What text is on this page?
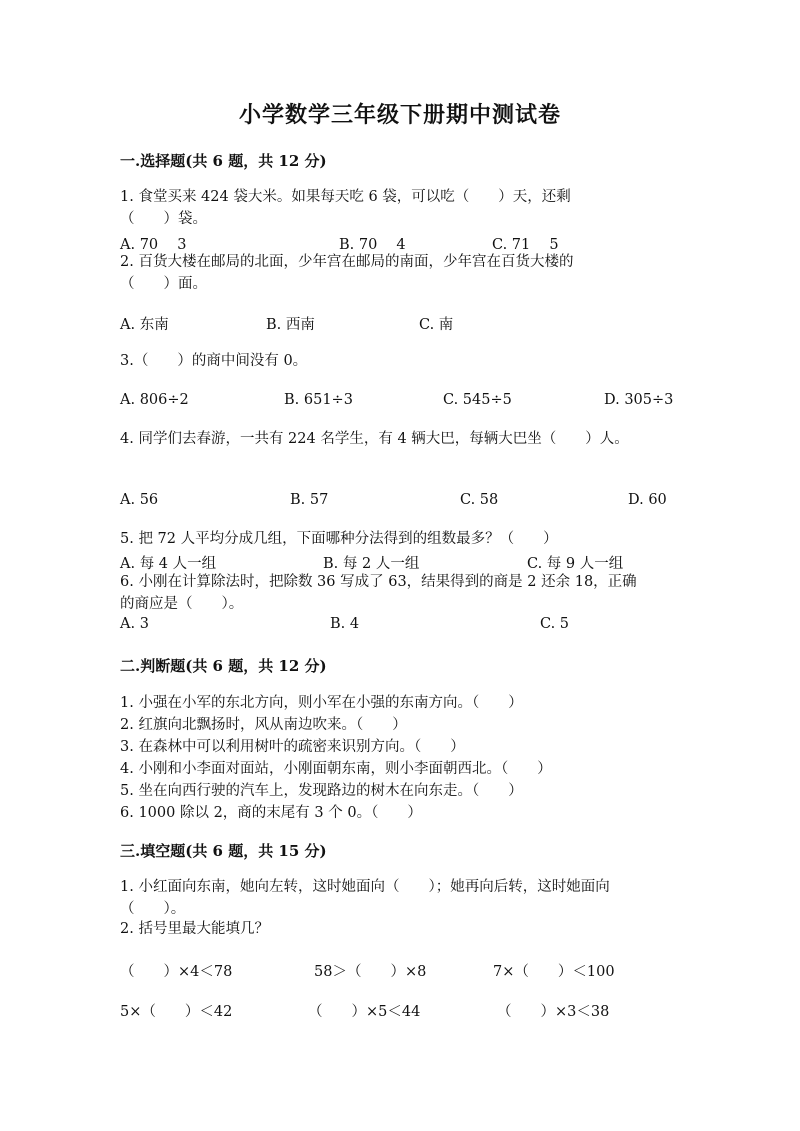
小学数学三年级下册期中测试卷
一.选择题(共 6 题，共 12 分)
1. 食堂买来 424 袋大米。如果每天吃 6 袋，可以吃（　　）天，还剩
（　　）袋。
A. 70　 3	B. 70　 4	C. 71　 5
2. 百货大楼在邮局的北面，少年宫在邮局的南面，少年宫在百货大楼的
（　　）面。
A. 东南	B. 西南	C. 南
3.（　　）的商中间没有 0。
A. 806÷2	B. 651÷3	C. 545÷5	D. 305÷3
4. 同学们去春游，一共有 224 名学生，有 4 辆大巴，每辆大巴坐（　　）人。
A. 56	B. 57	C. 58	D. 60
5. 把 72 人平均分成几组，下面哪种分法得到的组数最多？（　　）
A. 每 4 人一组	B. 每 2 人一组	C. 每 9 人一组
6. 小刚在计算除法时，把除数 36 写成了 63，结果得到的商是 2 还余 18，正确
的商应是（　　）。
A. 3	B. 4	C. 5
二.判断题(共 6 题，共 12 分)
1. 小强在小军的东北方向，则小军在小强的东南方向。（　　）
2. 红旗向北飘扬时，风从南边吹来。（　　）
3. 在森林中可以利用树叶的疏密来识别方向。（　　）
4. 小刚和小李面对面站，小刚面朝东南，则小李面朝西北。（　　）
5. 坐在向西行驶的汽车上，发现路边的树木在向东走。（　　）
6. 1000 除以 2，商的末尾有 3 个 0。（　　）
三.填空题(共 6 题，共 15 分)
1. 小红面向东南，她向左转，这时她面向（　　）；她再向后转，这时她面向
（　　）。
2. 括号里最大能填几？
（　　）×4＜78	58＞（　　）×8	7×（　　）＜100
5×（　　）＜42	（　　）×5＜44	（　　）×3＜38
